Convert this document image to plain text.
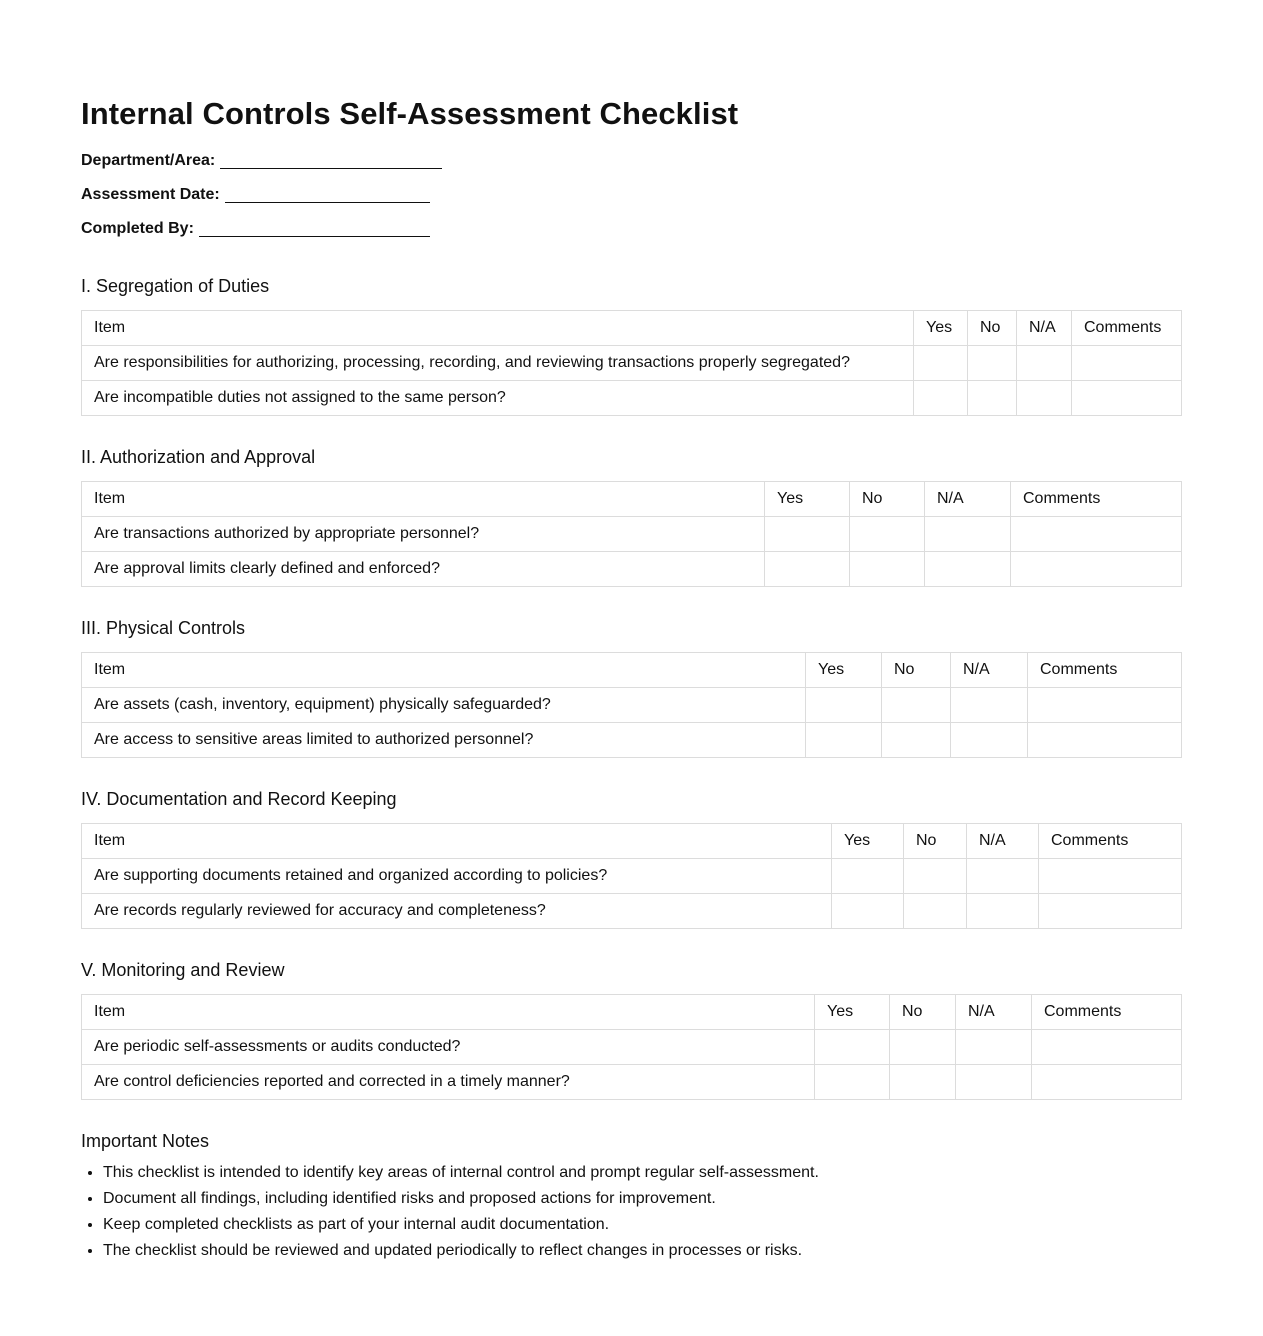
Internal Controls Self-Assessment Checklist
Department/Area:
Assessment Date:
Completed By:
I. Segregation of Duties
Item	Yes	No	N/A	Comments
Are responsibilities for authorizing, processing, recording, and reviewing transactions properly segregated?				
Are incompatible duties not assigned to the same person?				
II. Authorization and Approval
Item	Yes	No	N/A	Comments
Are transactions authorized by appropriate personnel?				
Are approval limits clearly defined and enforced?				
III. Physical Controls
Item	Yes	No	N/A	Comments
Are assets (cash, inventory, equipment) physically safeguarded?				
Are access to sensitive areas limited to authorized personnel?				
IV. Documentation and Record Keeping
Item	Yes	No	N/A	Comments
Are supporting documents retained and organized according to policies?				
Are records regularly reviewed for accuracy and completeness?				
V. Monitoring and Review
Item	Yes	No	N/A	Comments
Are periodic self-assessments or audits conducted?				
Are control deficiencies reported and corrected in a timely manner?				
Important Notes
• This checklist is intended to identify key areas of internal control and prompt regular self-assessment.
• Document all findings, including identified risks and proposed actions for improvement.
• Keep completed checklists as part of your internal audit documentation.
• The checklist should be reviewed and updated periodically to reflect changes in processes or risks.
